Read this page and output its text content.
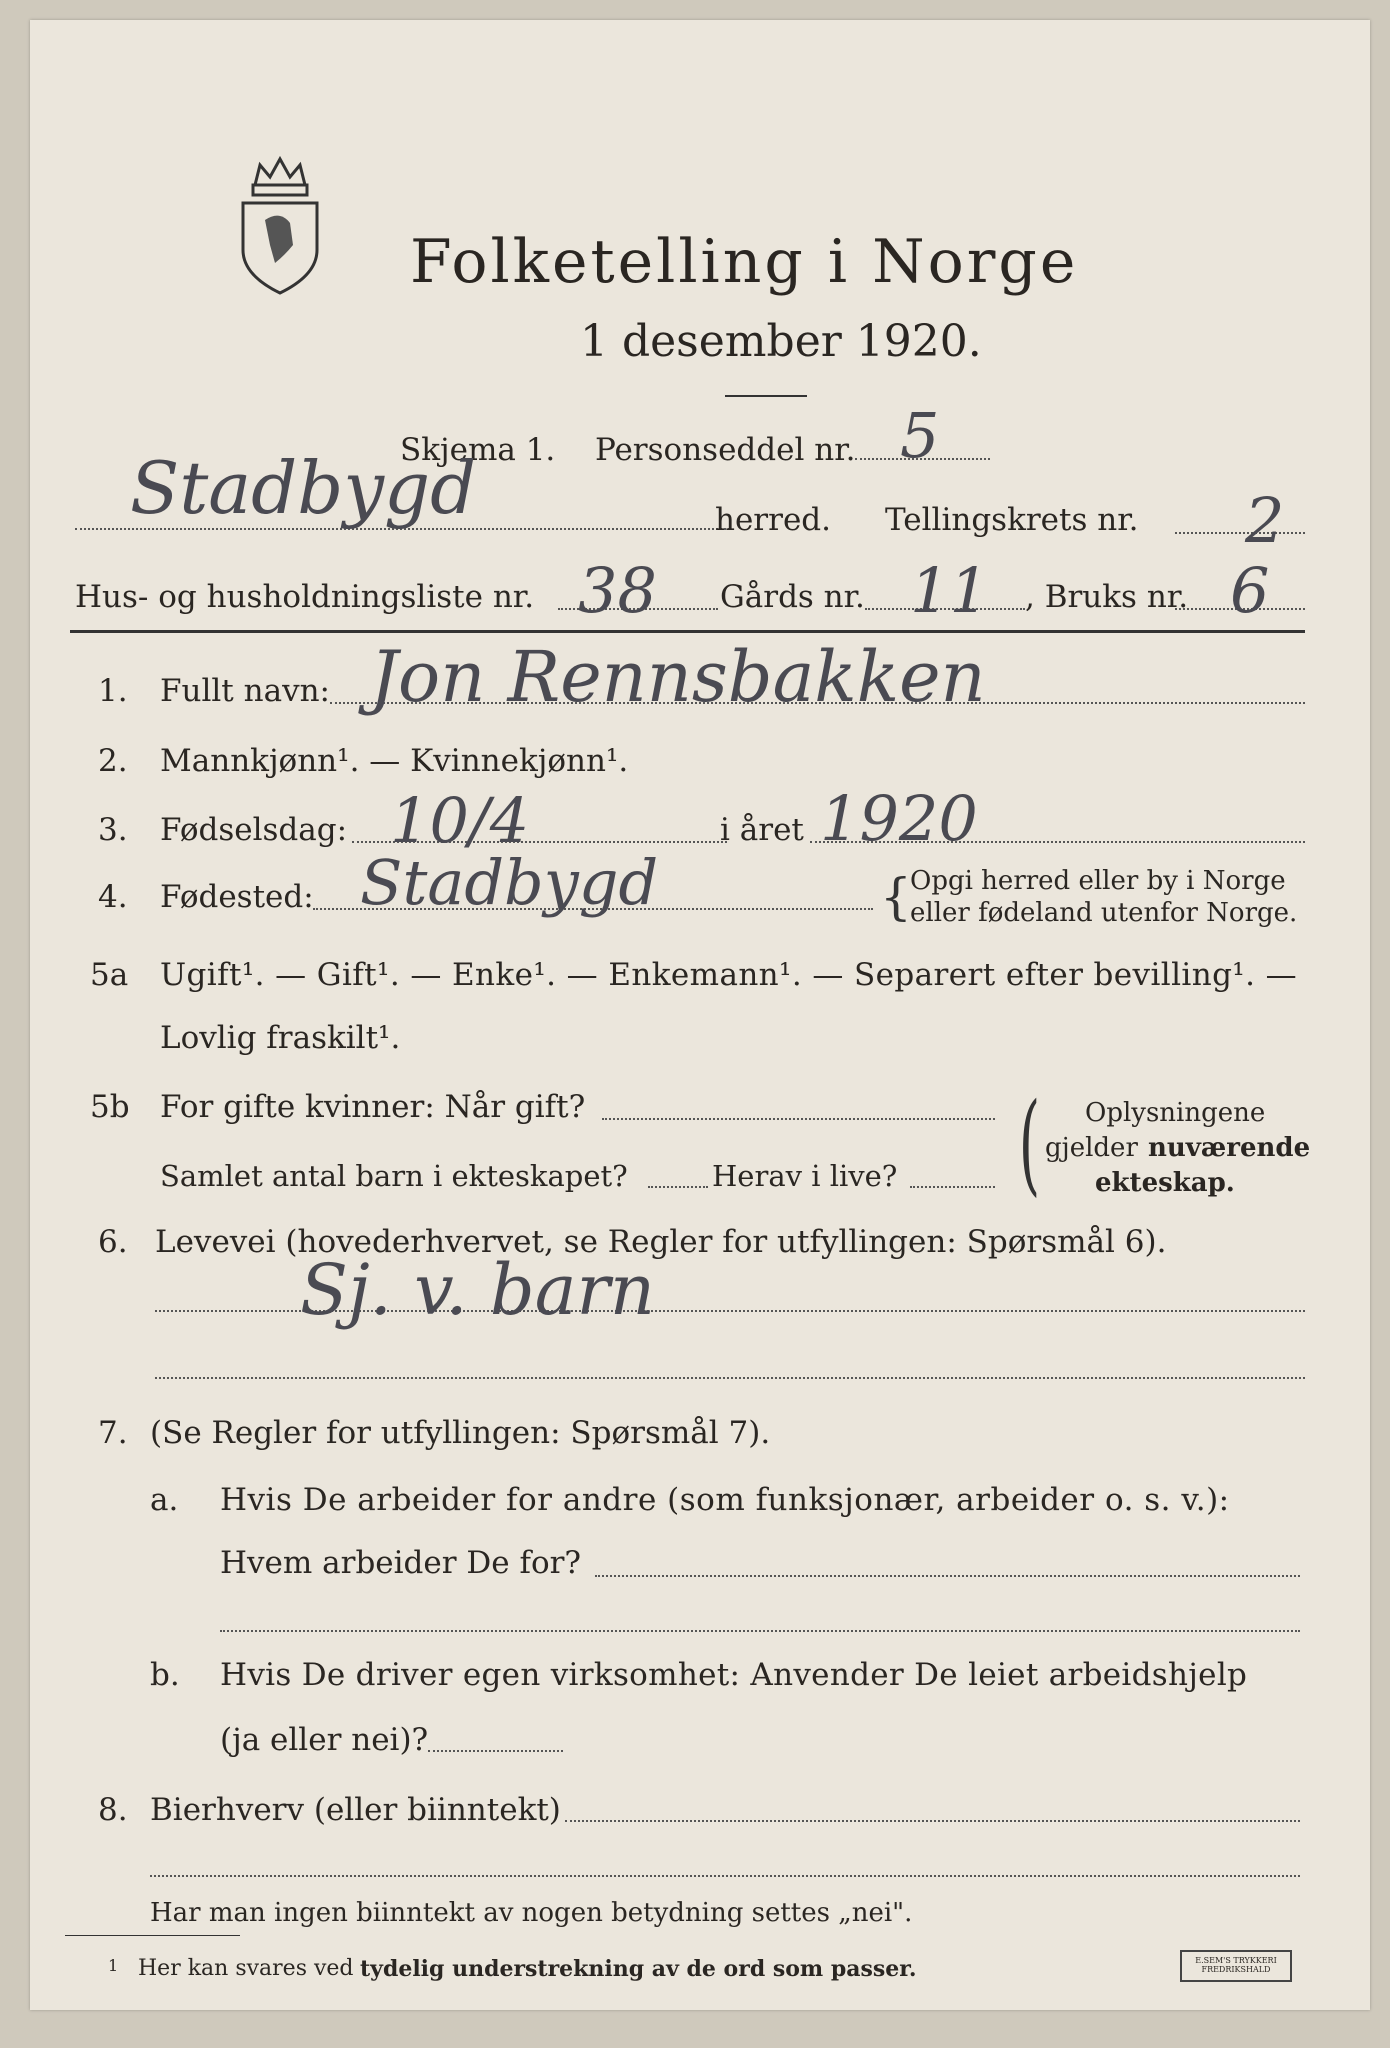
Folketelling i Norge
1 desember 1920.
Skjema 1. Personseddel nr. 5
Stadbygd	herred. Tellingskrets nr. 2
Hus- og husholdningsliste nr. 38 Gårds nr. 11 , Bruks nr. 6
1. Fullt navn: Jon Rennsbakken
2. Mannkjønn¹. — Kvinnekjønn¹.
3. Fødselsdag: 10/4	i året 1920
4. Fødested: Stadbygd	{
Opgi herred eller by i Norge
eller fødeland utenfor Norge.
5a Ugift¹. — Gift¹. — Enke¹. — Enkemann¹. — Separert efter bevilling¹. —
Lovlig fraskilt¹.
5b For gifte kvinner: Når gift?
Samlet antal barn i ekteskapet?	Herav i live? ( Oplysningene
gjelder nuværende
ekteskap.
6. Levevei (hovederhvervet, se Regler for utfyllingen: Spørsmål 6).
Sj. v. barn
7. (Se Regler for utfyllingen: Spørsmål 7).
a. Hvis De arbeider for andre (som funksjonær, arbeider o. s. v.):
Hvem arbeider De for?
b. Hvis De driver egen virksomhet: Anvender De leiet arbeidshjelp
(ja eller nei)?
8. Bierhverv (eller biinntekt)
Har man ingen biinntekt av nogen betydning settes „nei".
1 Her kan svares ved tydelig understrekning av de ord som passer.	E.SEM'S TRYKKERI FREDRIKSHALD
